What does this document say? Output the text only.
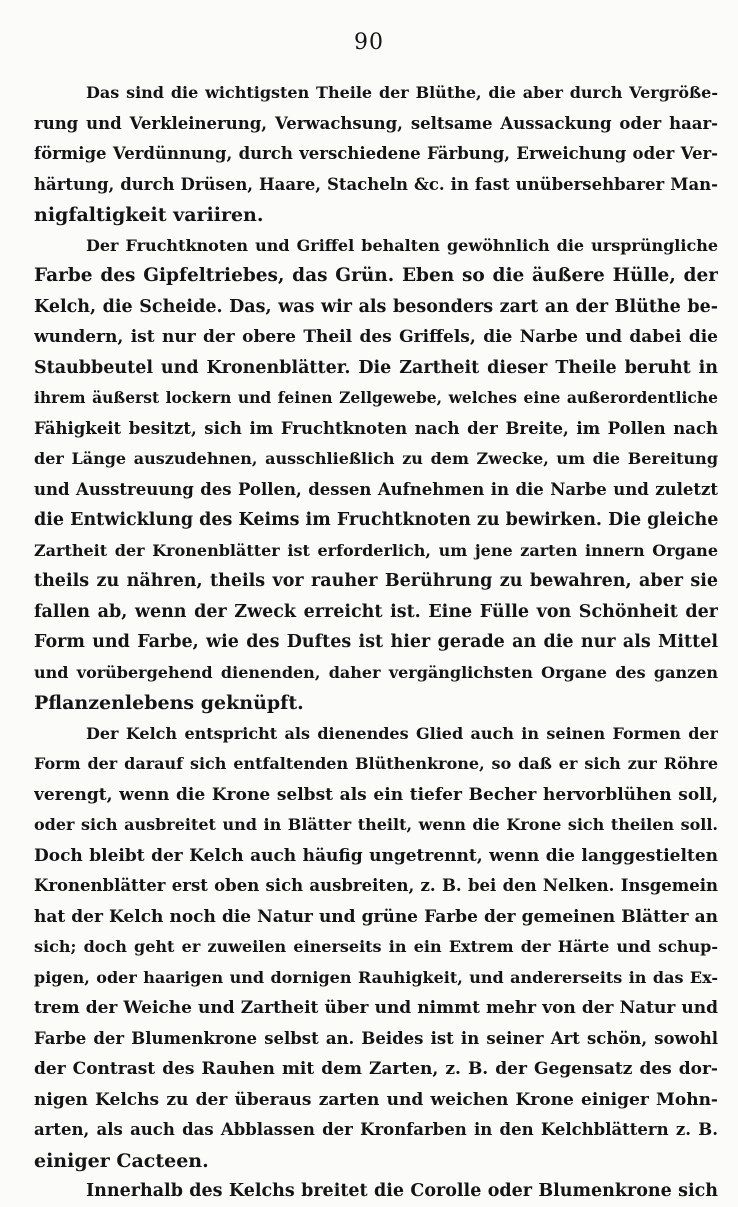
90
Das sind die wichtigsten Theile der Blüthe, die aber durch Vergröße-
rung und Verkleinerung, Verwachsung, seltsame Aussackung oder haar-
förmige Verdünnung, durch verschiedene Färbung, Erweichung oder Ver-
härtung, durch Drüsen, Haare, Stacheln &c. in fast unübersehbarer Man-
nigfaltigkeit variiren.
Der Fruchtknoten und Griffel behalten gewöhnlich die ursprüngliche
Farbe des Gipfeltriebes, das Grün. Eben so die äußere Hülle, der
Kelch, die Scheide. Das, was wir als besonders zart an der Blüthe be-
wundern, ist nur der obere Theil des Griffels, die Narbe und dabei die
Staubbeutel und Kronenblätter. Die Zartheit dieser Theile beruht in
ihrem äußerst lockern und feinen Zellgewebe, welches eine außerordentliche
Fähigkeit besitzt, sich im Fruchtknoten nach der Breite, im Pollen nach
der Länge auszudehnen, ausschließlich zu dem Zwecke, um die Bereitung
und Ausstreuung des Pollen, dessen Aufnehmen in die Narbe und zuletzt
die Entwicklung des Keims im Fruchtknoten zu bewirken. Die gleiche
Zartheit der Kronenblätter ist erforderlich, um jene zarten innern Organe
theils zu nähren, theils vor rauher Berührung zu bewahren, aber sie
fallen ab, wenn der Zweck erreicht ist. Eine Fülle von Schönheit der
Form und Farbe, wie des Duftes ist hier gerade an die nur als Mittel
und vorübergehend dienenden, daher vergänglichsten Organe des ganzen
Pflanzenlebens geknüpft.
Der Kelch entspricht als dienendes Glied auch in seinen Formen der
Form der darauf sich entfaltenden Blüthenkrone, so daß er sich zur Röhre
verengt, wenn die Krone selbst als ein tiefer Becher hervorblühen soll,
oder sich ausbreitet und in Blätter theilt, wenn die Krone sich theilen soll.
Doch bleibt der Kelch auch häufig ungetrennt, wenn die langgestielten
Kronenblätter erst oben sich ausbreiten, z. B. bei den Nelken. Insgemein
hat der Kelch noch die Natur und grüne Farbe der gemeinen Blätter an
sich; doch geht er zuweilen einerseits in ein Extrem der Härte und schup-
pigen, oder haarigen und dornigen Rauhigkeit, und andererseits in das Ex-
trem der Weiche und Zartheit über und nimmt mehr von der Natur und
Farbe der Blumenkrone selbst an. Beides ist in seiner Art schön, sowohl
der Contrast des Rauhen mit dem Zarten, z. B. der Gegensatz des dor-
nigen Kelchs zu der überaus zarten und weichen Krone einiger Mohn-
arten, als auch das Abblassen der Kronfarben in den Kelchblättern z. B.
einiger Cacteen.
Innerhalb des Kelchs breitet die Corolle oder Blumenkrone sich
